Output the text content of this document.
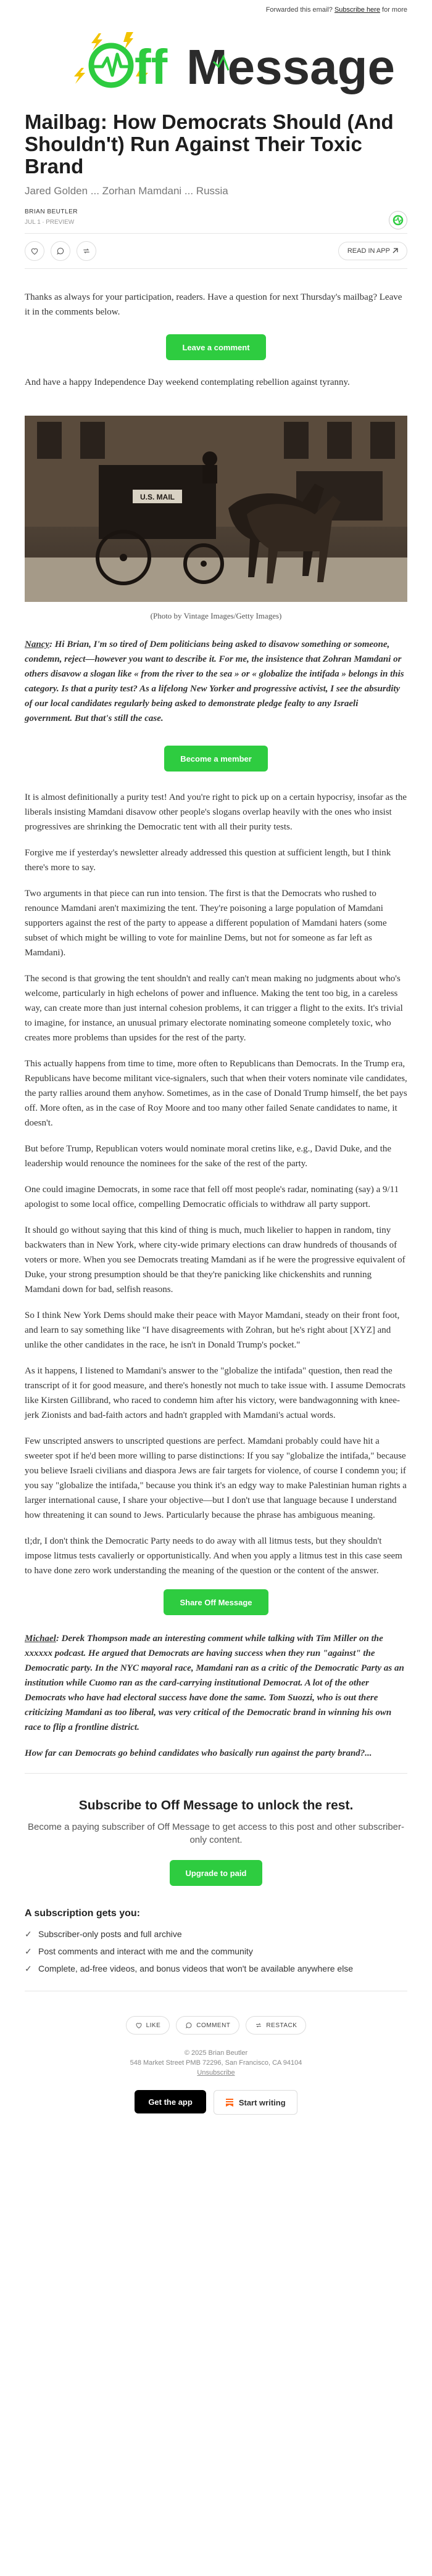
Forwarded this email? Subscribe here for more
ff Message
Mailbag: How Democrats Should (And Shouldn't) Run Against Their Toxic Brand
Jared Golden ... Zorhan Mamdani ... Russia
BRIAN BEUTLER
JUL 1 ∙ PREVIEW
READ IN APP

Thanks as always for your participation, readers. Have a question for next Thursday's mailbag? Leave it in the comments below.

Leave a comment

And have a happy Independence Day weekend contemplating rebellion against tyranny.

U.S. MAIL
(Photo by Vintage Images/Getty Images)

Nancy: Hi Brian, I'm so tired of Dem politicians being asked to disavow something or someone, condemn, reject—however you want to describe it. For me, the insistence that Zohran Mamdani or others disavow a slogan like « from the river to the sea » or « globalize the intifada » belongs in this category. Is that a purity test? As a lifelong New Yorker and progressive activist, I see the absurdity of our local candidates regularly being asked to demonstrate pledge fealty to any Israeli government. But that's still the case.

Become a member

It is almost definitionally a purity test! And you're right to pick up on a certain hypocrisy, insofar as the liberals insisting Mamdani disavow other people's slogans overlap heavily with the ones who insist progressives are shrinking the Democratic tent with all their purity tests.

Forgive me if yesterday's newsletter already addressed this question at sufficient length, but I think there's more to say.

Two arguments in that piece can run into tension. The first is that the Democrats who rushed to renounce Mamdani aren't maximizing the tent. They're poisoning a large population of Mamdani supporters against the rest of the party to appease a different population of Mamdani haters (some subset of which might be willing to vote for mainline Dems, but not for someone as far left as Mamdani).

The second is that growing the tent shouldn't and really can't mean making no judgments about who's welcome, particularly in high echelons of power and influence. Making the tent too big, in a careless way, can create more than just internal cohesion problems, it can trigger a flight to the exits. It's trivial to imagine, for instance, an unusual primary electorate nominating someone completely toxic, who creates more problems than upsides for the rest of the party.

This actually happens from time to time, more often to Republicans than Democrats. In the Trump era, Republicans have become militant vice-signalers, such that when their voters nominate vile candidates, the party rallies around them anyhow. Sometimes, as in the case of Donald Trump himself, the bet pays off. More often, as in the case of Roy Moore and too many other failed Senate candidates to name, it doesn't.

But before Trump, Republican voters would nominate moral cretins like, e.g., David Duke, and the leadership would renounce the nominees for the sake of the rest of the party.

One could imagine Democrats, in some race that fell off most people's radar, nominating (say) a 9/11 apologist to some local office, compelling Democratic officials to withdraw all party support.

It should go without saying that this kind of thing is much, much likelier to happen in random, tiny backwaters than in New York, where city-wide primary elections can draw hundreds of thousands of voters or more. When you see Democrats treating Mamdani as if he were the progressive equivalent of Duke, your strong presumption should be that they're panicking like chickenshits and running Mamdani down for bad, selfish reasons.

So I think New York Dems should make their peace with Mayor Mamdani, steady on their front foot, and learn to say something like "I have disagreements with Zohran, but he's right about [XYZ] and unlike the other candidates in the race, he isn't in Donald Trump's pocket."

As it happens, I listened to Mamdani's answer to the "globalize the intifada" question, then read the transcript of it for good measure, and there's honestly not much to take issue with. I assume Democrats like Kirsten Gillibrand, who raced to condemn him after his victory, were bandwagonning with knee-jerk Zionists and bad-faith actors and hadn't grappled with Mamdani's actual words.

Few unscripted answers to unscripted questions are perfect. Mamdani probably could have hit a sweeter spot if he'd been more willing to parse distinctions: If you say "globalize the intifada," because you believe Israeli civilians and diaspora Jews are fair targets for violence, of course I condemn you; if you say "globalize the intifada," because you think it's an edgy way to make Palestinian human rights a larger international cause, I share your objective—but I don't use that language because I understand how threatening it can sound to Jews. Particularly because the phrase has ambiguous meaning.

tl;dr, I don't think the Democratic Party needs to do away with all litmus tests, but they shouldn't impose litmus tests cavalierly or opportunistically. And when you apply a litmus test in this case seem to have done zero work understanding the meaning of the question or the content of the answer.

Share Off Message

Michael: Derek Thompson made an interesting comment while talking with Tim Miller on the xxxxxx podcast. He argued that Democrats are having success when they run "against" the Democratic party. In the NYC mayoral race, Mamdani ran as a critic of the Democratic Party as an institution while Cuomo ran as the card-carrying institutional Democrat. A lot of the other Democrats who have had electoral success have done the same. Tom Suozzi, who is out there criticizing Mamdani as too liberal, was very critical of the Democratic brand in winning his own race to flip a frontline district.

How far can Democrats go behind candidates who basically run against the party brand?...

Subscribe to Off Message to unlock the rest.
Become a paying subscriber of Off Message to get access to this post and other subscriber-only content.
Upgrade to paid
A subscription gets you:
✓ Subscriber-only posts and full archive
✓ Post comments and interact with me and the community
✓ Complete, ad-free videos, and bonus videos that won't be available anywhere else
LIKE	COMMENT	RESTACK
© 2025 Brian Beutler
548 Market Street PMB 72296, San Francisco, CA 94104
Unsubscribe
Get the app	Start writing
